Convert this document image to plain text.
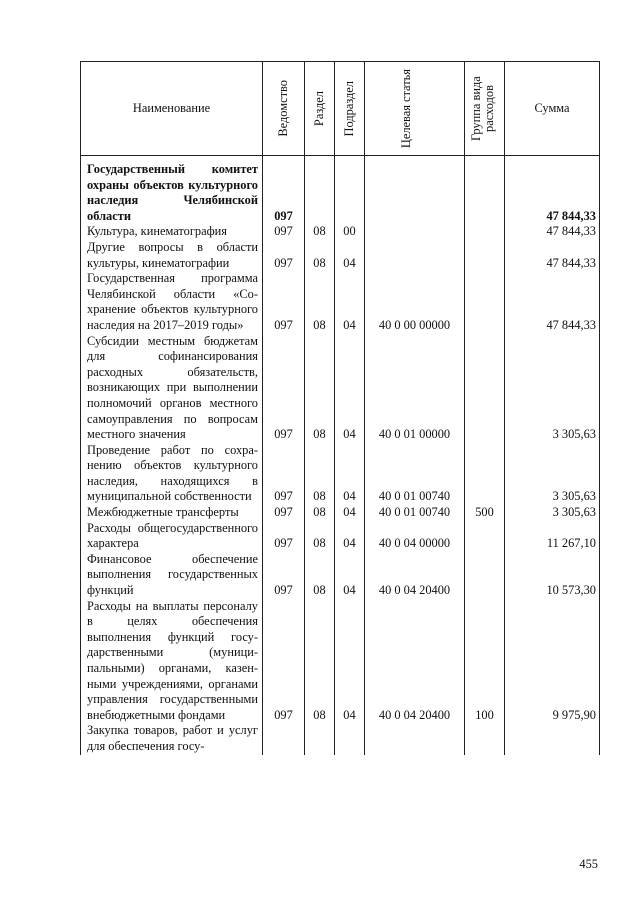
Наименование	Ведомство	Раздел	Подраздел	Целевая статья	Группа вида расходов	Сумма
Государственный комитет охраны объектов культурного наследия Челябинской области	097					47 844,33
Культура, кинематография	097	08	00			47 844,33
Другие вопросы в области культуры, кинематографии	097	08	04			47 844,33
Государственная программа Челябинской области «Сохранение объектов культурного наследия на 2017–2019 годы»	097	08	04	40 0 00 00000		47 844,33
Субсидии местным бюджетам для софинансирования расходных обязательств, возникающих при выполнении полномочий органов местного самоуправления по вопросам местного значения	097	08	04	40 0 01 00000		3 305,63
Проведение работ по сохранению объектов культурного наследия, находящихся в муниципальной собственности	097	08	04	40 0 01 00740		3 305,63
Межбюджетные трансферты	097	08	04	40 0 01 00740	500	3 305,63
Расходы общегосударственного характера	097	08	04	40 0 04 00000		11 267,10
Финансовое обеспечение выполнения государственных функций	097	08	04	40 0 04 20400		10 573,30
Расходы на выплаты персоналу в целях обеспечения выполнения функций государственными (муниципальными) органами, казенными учреждениями, органами управления государственными внебюджетными фондами	097	08	04	40 0 04 20400	100	9 975,90
Закупка товаров, работ и услуг для обеспечения госу-						
455
